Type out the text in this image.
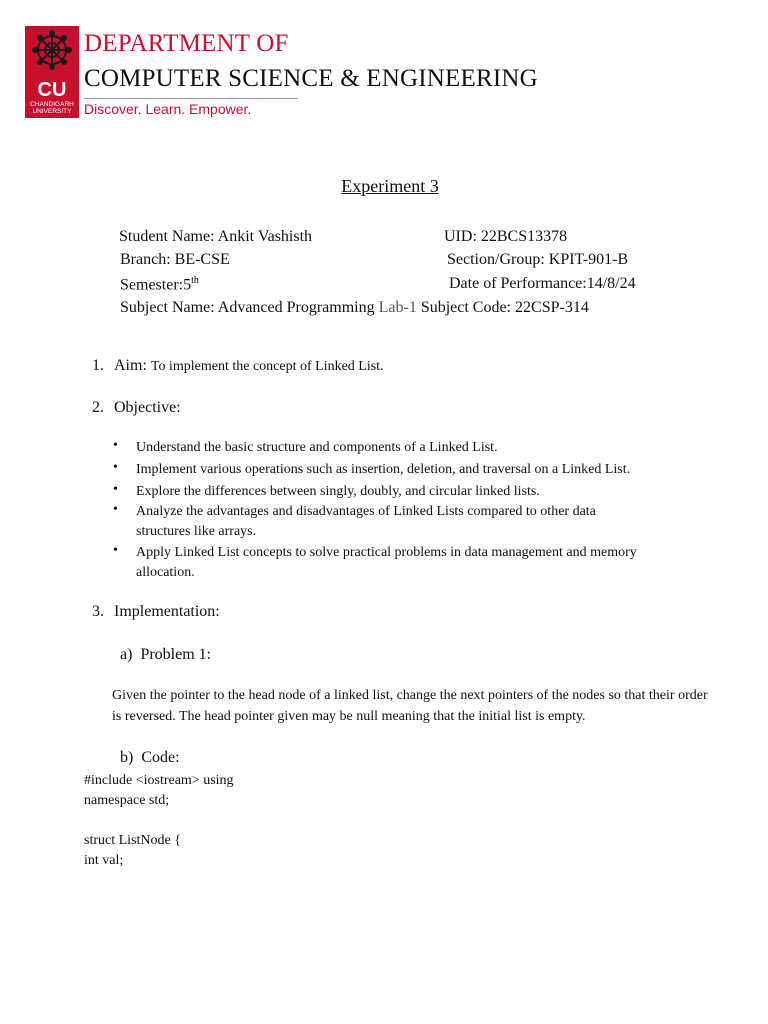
CU
CHANDIGARH
UNIVERSITY
DEPARTMENT OF
COMPUTER SCIENCE & ENGINEERING
Discover. Learn. Empower.
Experiment 3
Student Name: Ankit Vashisth	UID: 22BCS13378
Branch: BE-CSE	Section/Group: KPIT-901-B
Semester:5th	Date of Performance:14/8/24
Subject Name: Advanced Programming Lab-1 Subject Code: 22CSP-314
1. Aim: To implement the concept of Linked List.
2. Objective:
• Understand the basic structure and components of a Linked List.
• Implement various operations such as insertion, deletion, and traversal on a Linked List.
• Explore the differences between singly, doubly, and circular linked lists.
• Analyze the advantages and disadvantages of Linked Lists compared to other data structures like arrays.
• Apply Linked List concepts to solve practical problems in data management and memory allocation.
3. Implementation:
a) Problem 1:
Given the pointer to the head node of a linked list, change the next pointers of the nodes so that their order is reversed. The head pointer given may be null meaning that the initial list is empty.
b) Code:
#include <iostream> using
namespace std;
struct ListNode {
int val;
